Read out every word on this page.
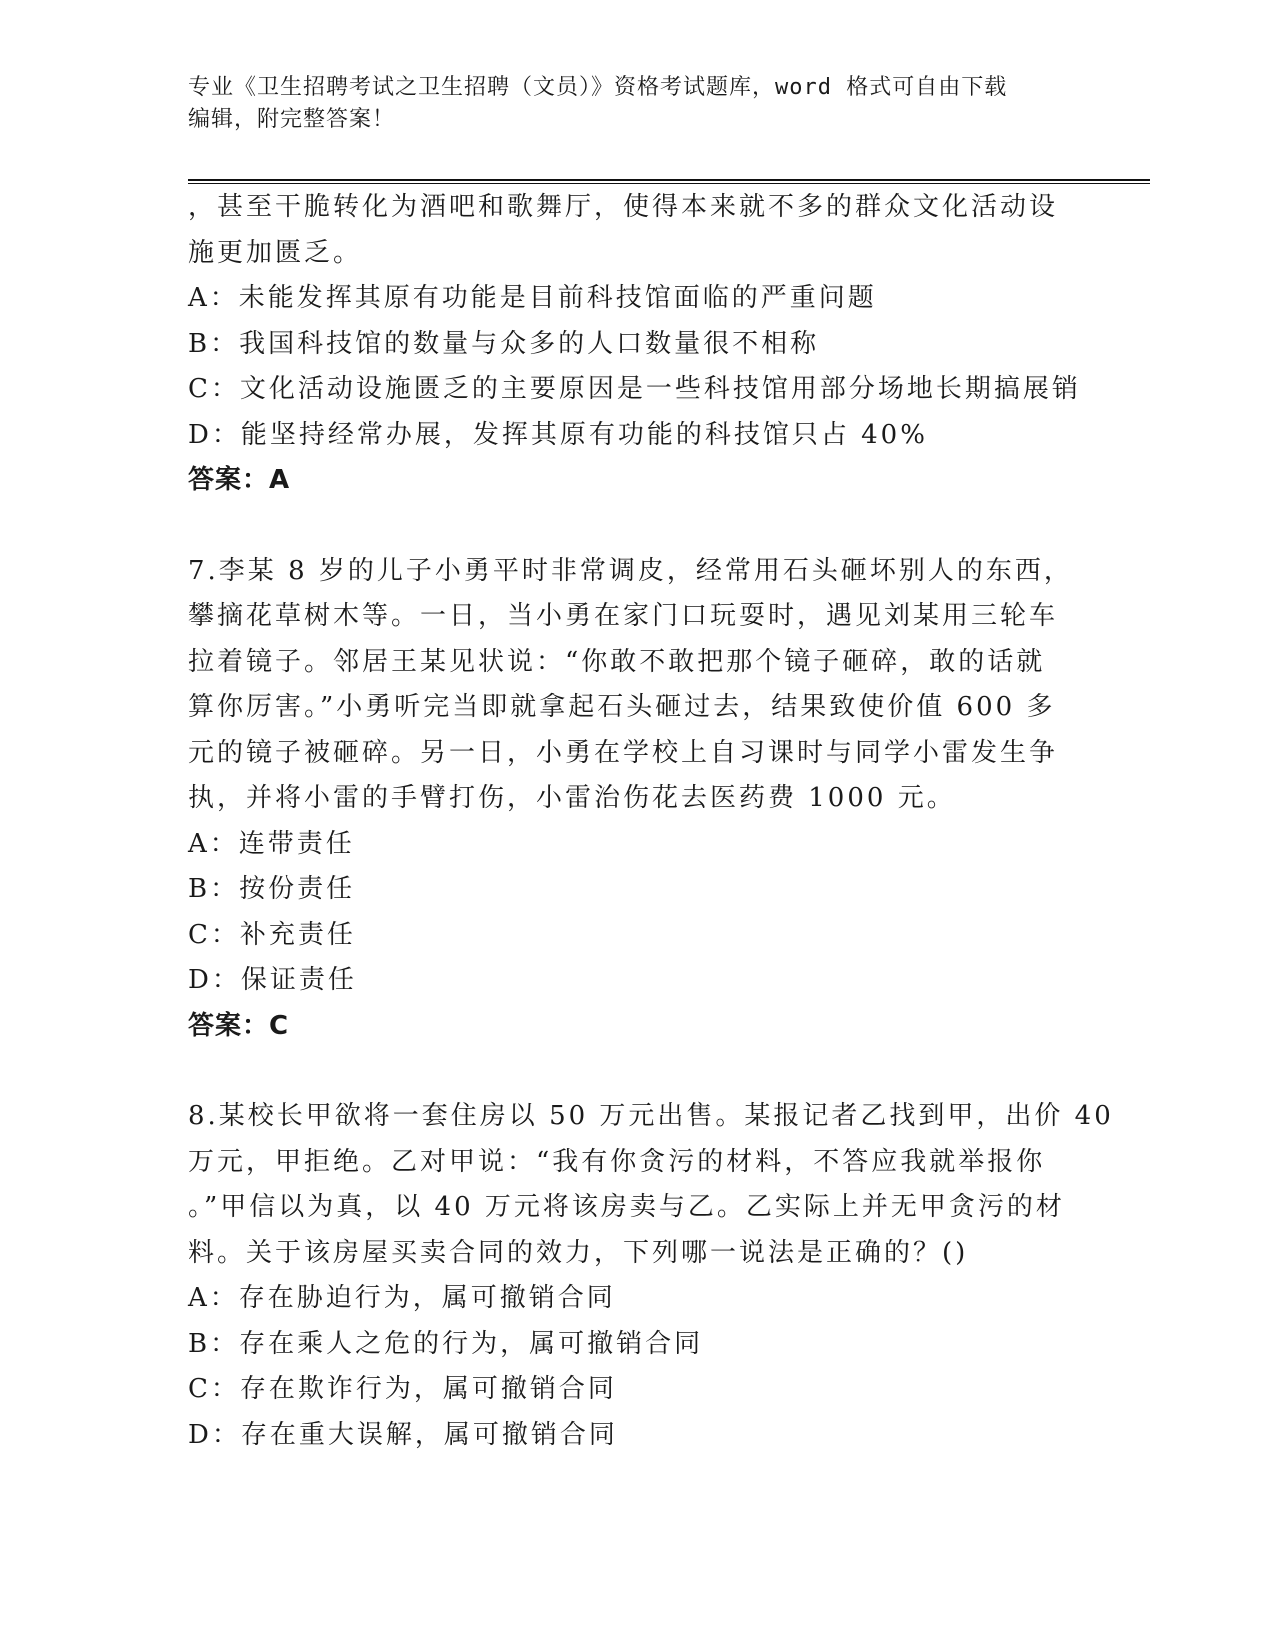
专业《卫生招聘考试之卫生招聘（文员）》资格考试题库，word 格式可自由下载
编辑，附完整答案！
，甚至干脆转化为酒吧和歌舞厅，使得本来就不多的群众文化活动设
施更加匮乏。
A：未能发挥其原有功能是目前科技馆面临的严重问题
B：我国科技馆的数量与众多的人口数量很不相称
C：文化活动设施匮乏的主要原因是一些科技馆用部分场地长期搞展销
D：能坚持经常办展，发挥其原有功能的科技馆只占 40%
答案：A
7.李某 8 岁的儿子小勇平时非常调皮，经常用石头砸坏别人的东西，
攀摘花草树木等。一日，当小勇在家门口玩耍时，遇见刘某用三轮车
拉着镜子。邻居王某见状说：“你敢不敢把那个镜子砸碎，敢的话就
算你厉害。”小勇听完当即就拿起石头砸过去，结果致使价值 600 多
元的镜子被砸碎。另一日，小勇在学校上自习课时与同学小雷发生争
执，并将小雷的手臂打伤，小雷治伤花去医药费 1000 元。
A：连带责任
B：按份责任
C：补充责任
D：保证责任
答案：C
8.某校长甲欲将一套住房以 50 万元出售。某报记者乙找到甲，出价 40
万元，甲拒绝。乙对甲说：“我有你贪污的材料，不答应我就举报你
。”甲信以为真，以 40 万元将该房卖与乙。乙实际上并无甲贪污的材
料。关于该房屋买卖合同的效力，下列哪一说法是正确的？()
A：存在胁迫行为，属可撤销合同
B：存在乘人之危的行为，属可撤销合同
C：存在欺诈行为，属可撤销合同
D：存在重大误解，属可撤销合同
